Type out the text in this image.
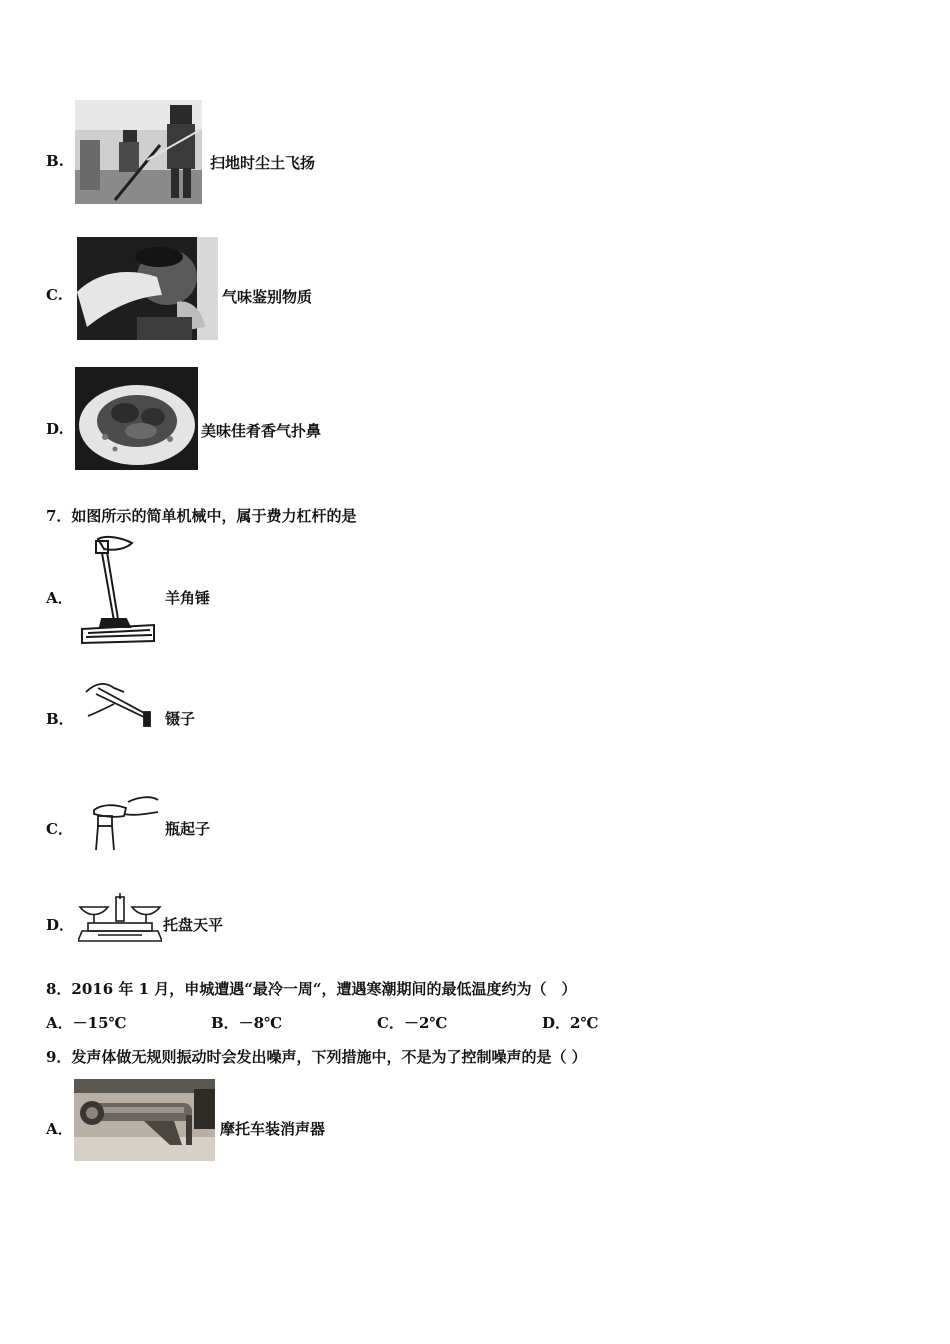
B.	扫地时尘土飞扬
C.	气味鉴别物质
D.	美味佳肴香气扑鼻
7．如图所示的简单机械中，属于费力杠杆的是
A．	羊角锤
B．	镊子
C．	瓶起子
D．	托盘天平
8．2016 年 1 月，申城遭遇“最冷一周“，遭遇寒潮期间的最低温度约为（　）
A．－15℃	B．－8℃	C．－2℃	D．2℃
9．发声体做无规则振动时会发出噪声，下列措施中，不是为了控制噪声的是（ ）
A．	摩托车装消声器
